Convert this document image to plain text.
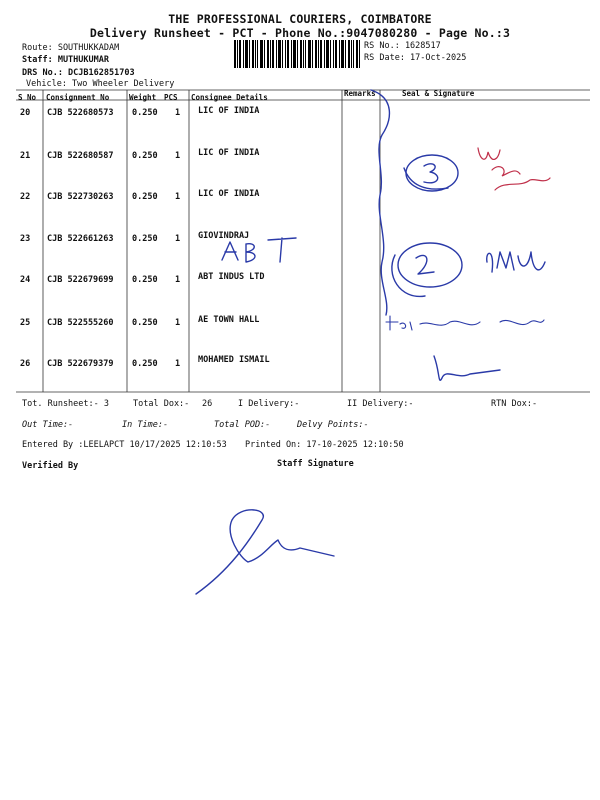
THE PROFESSIONAL COURIERS, COIMBATORE
Delivery Runsheet - PCT - Phone No.:9047080280 - Page No.:3
Route: SOUTHUKKADAM
Staff: MUTHUKUMAR
DRS No.: DCJB162851703
Vehicle: Two Wheeler Delivery
RS No.: 1628517
RS Date: 17-Oct-2025
S No Consignment No	Weight PCS Consignee Details	Remarks	Seal & Signature
20 CJB 522680573 0.250 1 LIC OF INDIA
21 CJB 522680587 0.250 1 LIC OF INDIA
22 CJB 522730263 0.250 1 LIC OF INDIA
23 CJB 522661263 0.250 1 GIOVINDRAJ
24 CJB 522679699 0.250 1 ABT INDUS LTD
25 CJB 522555260 0.250 1 AE TOWN HALL
26 CJB 522679379 0.250 1 MOHAMED ISMAIL
Tot. Runsheet:- 3	Total Dox:- 26	I Delivery:-	II Delivery:-	RTN Dox:-
Out Time:-	In Time:-	Total POD:-	Delvy Points:-
Entered By :LEELAPCT 10/17/2025 12:10:53 Printed On: 17-10-2025 12:10:50
Verified By	Staff Signature
